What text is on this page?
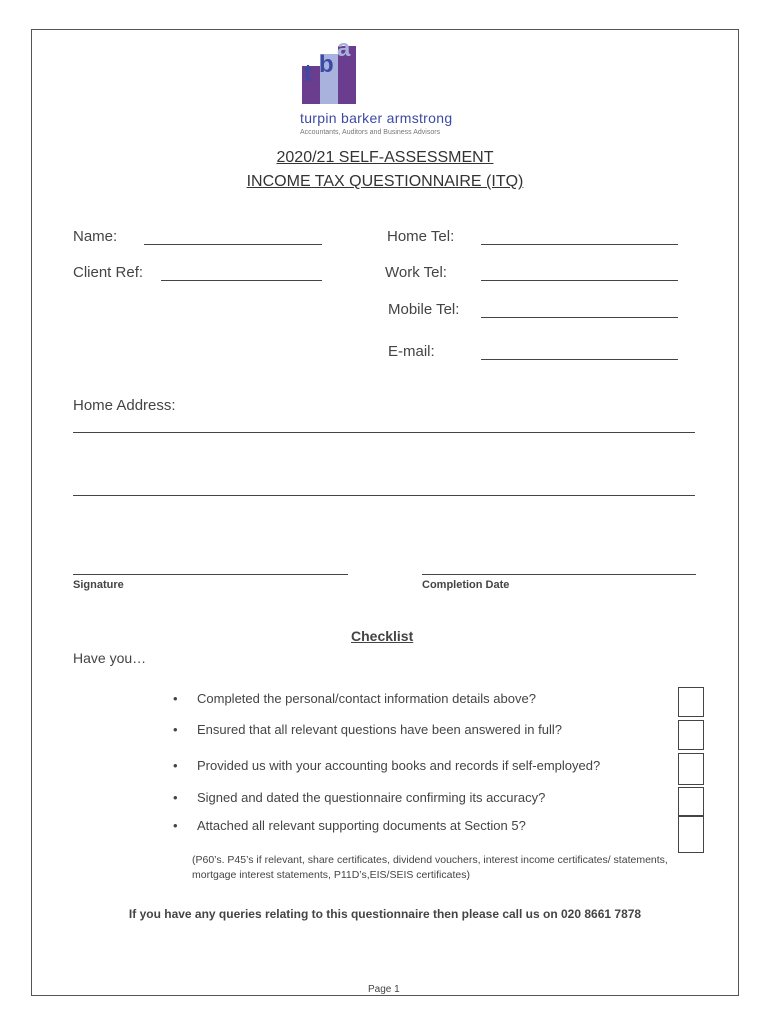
t b
a
turpin barker armstrong
Accountants, Auditors and Business Advisors
2020/21 SELF-ASSESSMENT
INCOME TAX QUESTIONNAIRE (ITQ)
Name:
Client Ref:
Home Tel:
Work Tel:
Mobile Tel:
E-mail:
Home Address:
Signature	Completion Date
Checklist
Have you…
• Completed the personal/contact information details above?
• Ensured that all relevant questions have been answered in full?
• Provided us with your accounting books and records if self-employed?
• Signed and dated the questionnaire confirming its accuracy?
• Attached all relevant supporting documents at Section 5?
(P60’s. P45’s if relevant, share certificates, dividend vouchers, interest income certificates/ statements, mortgage interest statements, P11D’s,EIS/SEIS certificates)
If you have any queries relating to this questionnaire then please call us on 020 8661 7878
Page 1
